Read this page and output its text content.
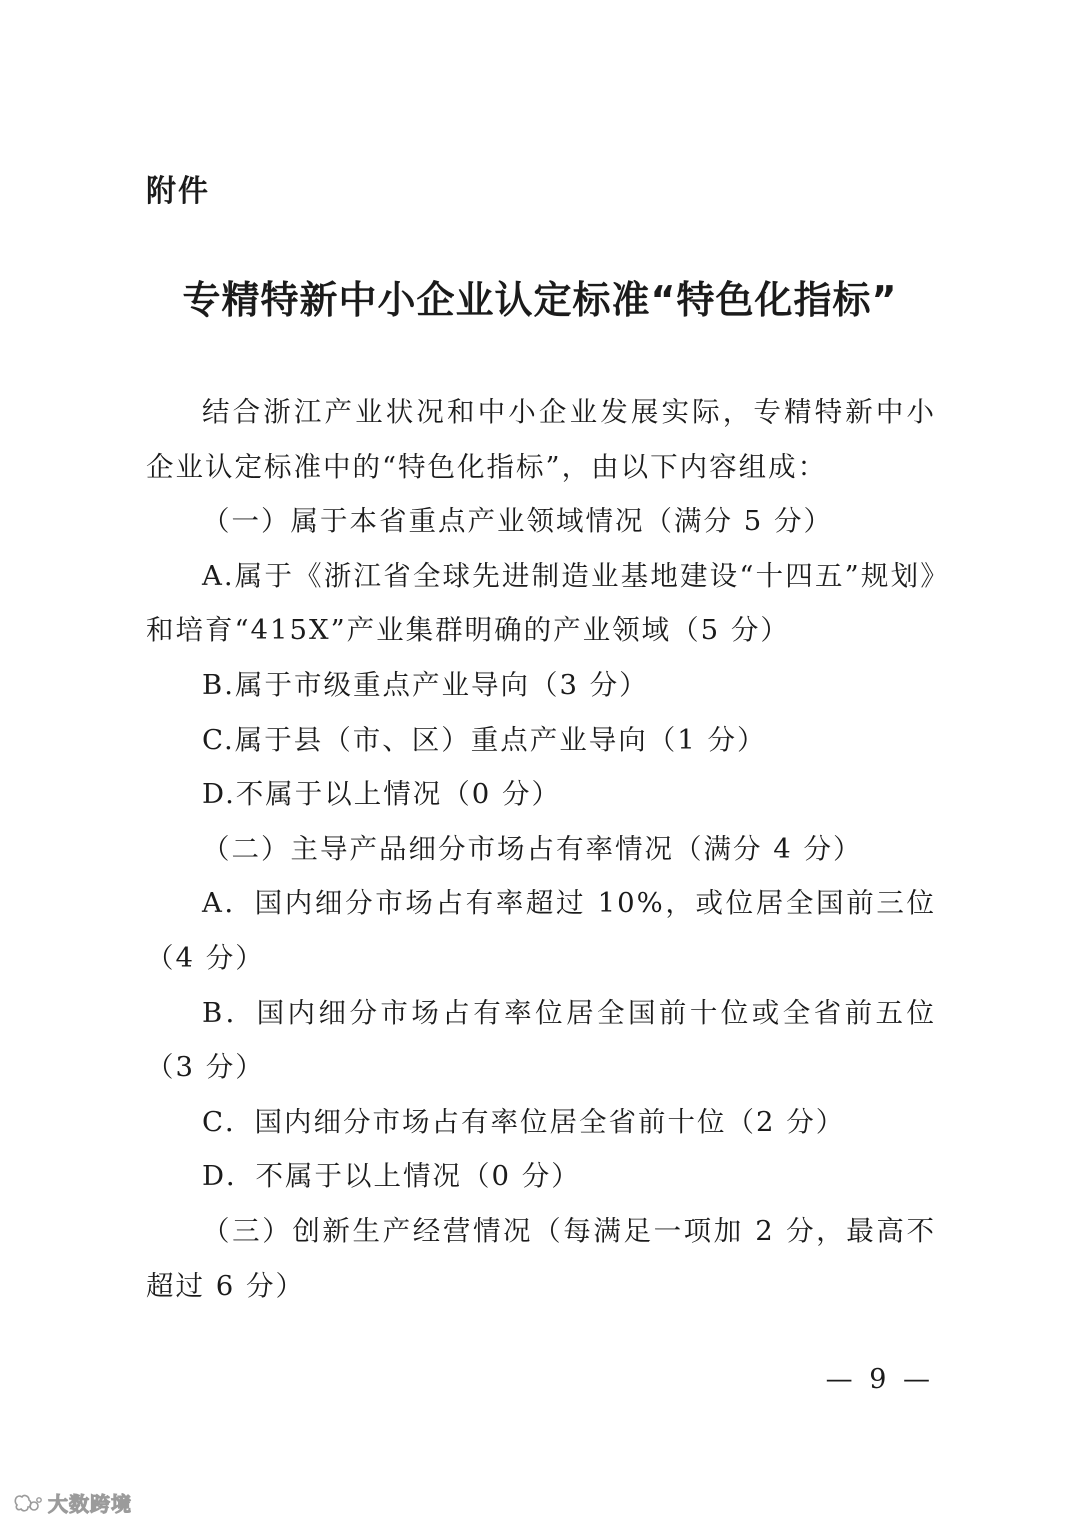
附件
专精特新中小企业认定标准“特色化指标”

结合浙江产业状况和中小企业发展实际，专精特新中小企业认定标准中的“特色化指标”，由以下内容组成：

（一）属于本省重点产业领域情况（满分 5 分）

A.属于《浙江省全球先进制造业基地建设“十四五”规划》和培育“415X”产业集群明确的产业领域（5 分）

B.属于市级重点产业导向（3 分）

C.属于县（市、区）重点产业导向（1 分）

D.不属于以上情况（0 分）

（二）主导产品细分市场占有率情况（满分 4 分）

A．国内细分市场占有率超过 10%，或位居全国前三位（4 分）

B．国内细分市场占有率位居全国前十位或全省前五位（3 分）

C．国内细分市场占有率位居全省前十位（2 分）

D．不属于以上情况（0 分）

（三）创新生产经营情况（每满足一项加 2 分，最高不超过 6 分）

— 9 —
大数跨境
